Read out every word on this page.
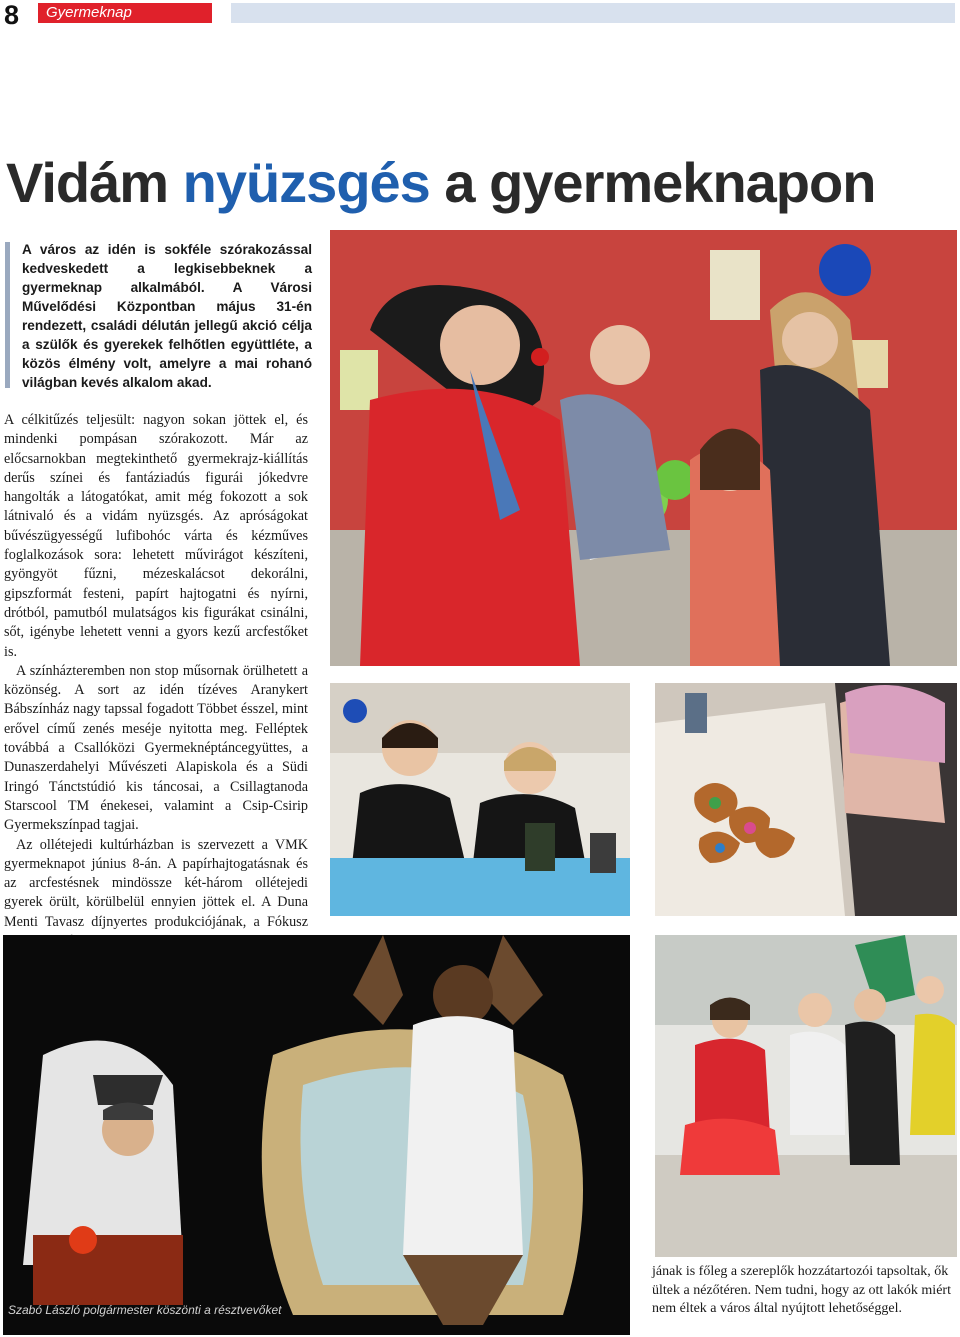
8 Gyermeknap
Vidám nyüzsgés a gyermeknapon
A város az idén is sokféle szórakozással kedveskedett a legkisebbeknek a gyermeknap alkalmából. A Városi Művelődési Központban május 31-én rendezett, családi délután jellegű akció célja a szülők és gyerekek felhőtlen együttléte, a közös élmény volt, amelyre a mai rohanó világban kevés alkalom akad.

A célkitűzés teljesült: nagyon sokan jöttek el, és mindenki pompásan szórakozott. Már az előcsarnokban megtekinthető gyermekrajz-kiállítás derűs színei és fantáziadús figurái jókedvre hangolták a látogatókat, amit még fokozott a sok látnivaló és a vidám nyüzsgés. Az apróságokat bűvészügyességű lufibohóc várta és kézműves foglalkozások sora: lehetett művirágot készíteni, gyöngyöt fűzni, mézeskalácsot dekorálni, gipszformát festeni, papírt hajtogatni és nyírni, drótból, pamutból mulatságos kis figurákat csinálni, sőt, igénybe lehetett venni a gyors kezű arcfestőket is.

A színházteremben non stop műsornak örülhetett a közönség. A sort az idén tízéves Aranykert Bábszínház nagy tapssal fogadott Többet ésszel, mint erővel című zenés meséje nyitotta meg. Felléptek továbbá a Csallóközi Gyermeknéptáncegyüttes, a Dunaszerdahelyi Művészeti Alapiskola és a Südi Iringó Tánctstúdió kis táncosai, a Csillagtanoda Starscool TM énekesei, valamint a Csip-Csirip Gyermekszínpad tagjai.

Az ollétejedi kultúrházban is szervezett a VMK gyermeknapot június 8-án. A papírhajtogatásnak és az arcfestésnek mindössze két-három ollétejedi gyerek örült, körülbelül ennyien jöttek el. A Duna Menti Tavasz díjnyertes produkciójának, a Fókusz

jának is főleg a szereplők hozzátartozói tapsoltak, ők ültek a nézőtéren. Nem tudni, hogy az ott lakók miért nem éltek a város által nyújtott lehetőséggel.
Szabó László polgármester köszönti a résztvevőket
